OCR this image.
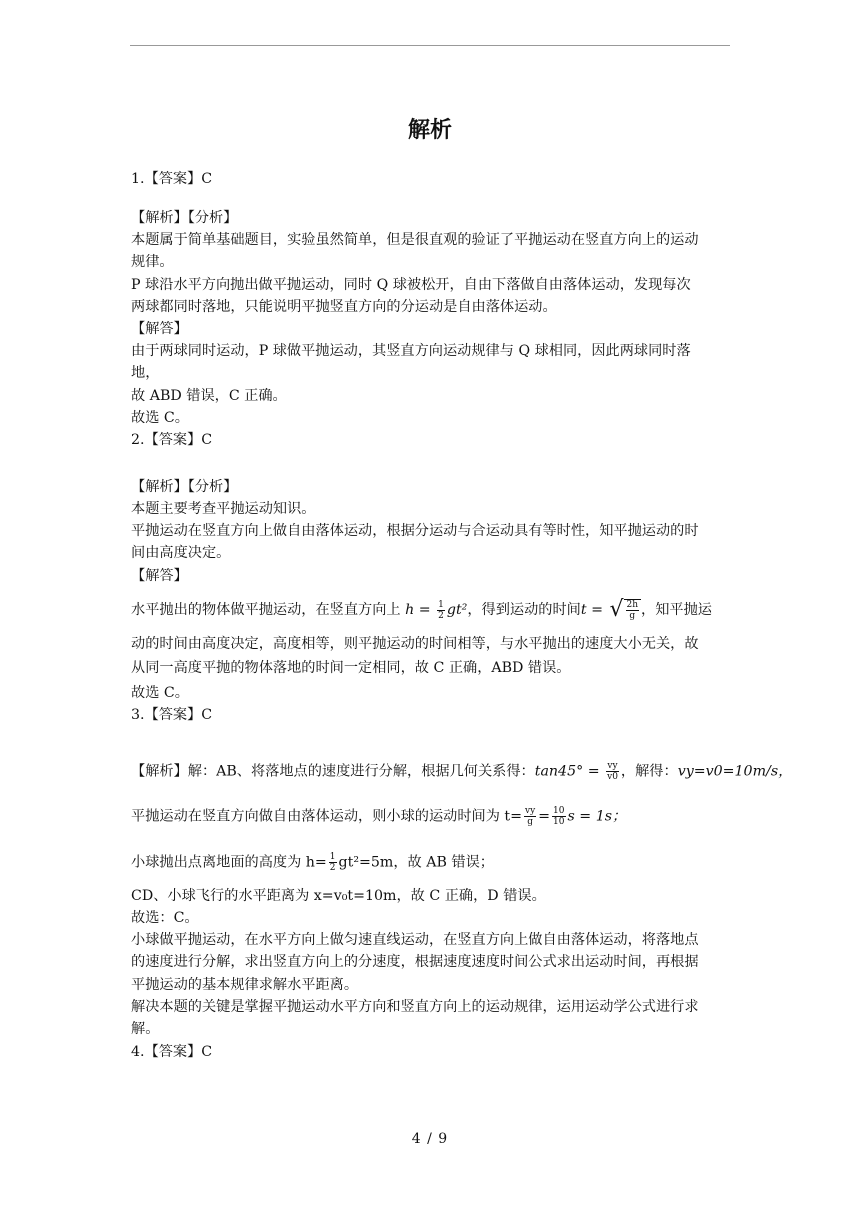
解析
1.【答案】C
【解析】【分析】
本题属于简单基础题目，实验虽然简单，但是很直观的验证了平抛运动在竖直方向上的运动
规律。
P 球沿水平方向抛出做平抛运动，同时 Q 球被松开，自由下落做自由落体运动，发现每次
两球都同时落地，只能说明平抛竖直方向的分运动是自由落体运动。
【解答】
由于两球同时运动，P 球做平抛运动，其竖直方向运动规律与 Q 球相同，因此两球同时落
地，
故 ABD 错误，C 正确。
故选 C。
2.【答案】C
【解析】【分析】
本题主要考查平抛运动知识。
平抛运动在竖直方向上做自由落体运动，根据分运动与合运动具有等时性，知平抛运动的时
间由高度决定。
【解答】
水平抛出的物体做平抛运动，在竖直方向上 $h = \frac{1}{2} gt^2$，得到运动的时间t = √ $\frac{2h}{g}$ ，知平抛运
动的时间由高度决定，高度相等，则平抛运动的时间相等，与水平抛出的速度大小无关，故
从同一高度平抛的物体落地的时间一定相同，故 C 正确，ABD 错误。
故选 C。
3.【答案】C
【解析】解：AB、将落地点的速度进行分解，根据几何关系得：$\tan 45^\circ = \frac{vy}{v0}$ ，解得：vy=v0=10m/s，
平抛运动在竖直方向做自由落体运动，则小球的运动时间为 $t= \frac{vy}{g} = \frac{10}{10}$ s = 1s；
小球抛出点离地面的高度为 $h= \frac{1}{2} gt^2=5m$，故 AB 错误；
CD、小球飞行的水平距离为 x=v₀t=10m，故 C 正确，D 错误。
故选：C。
小球做平抛运动，在水平方向上做匀速直线运动，在竖直方向上做自由落体运动，将落地点
的速度进行分解，求出竖直方向上的分速度，根据速度速度时间公式求出运动时间，再根据
平抛运动的基本规律求解水平距离。
解决本题的关键是掌握平抛运动水平方向和竖直方向上的运动规律，运用运动学公式进行求
解。
4.【答案】C
4 / 9
